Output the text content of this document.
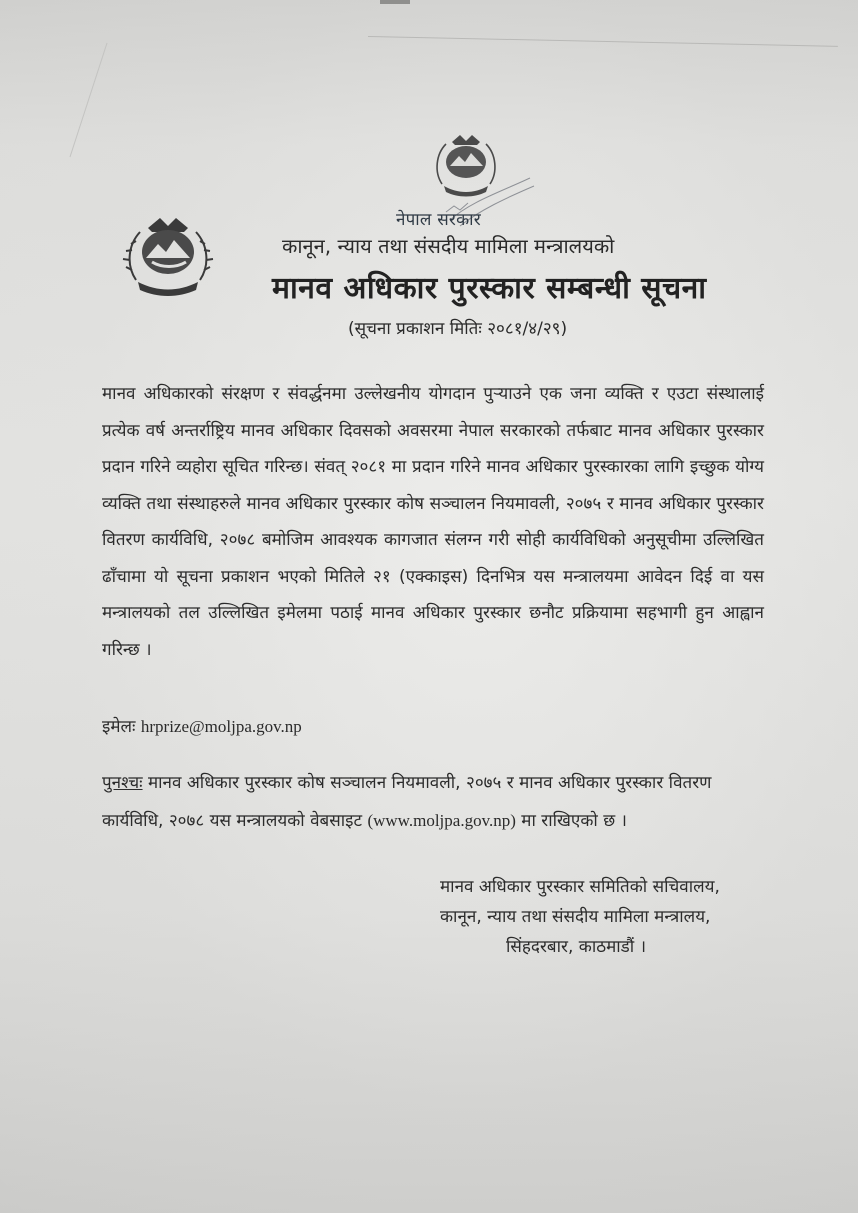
नेपाल सरकार
कानून, न्याय तथा संसदीय मामिला मन्त्रालयको
मानव अधिकार पुरस्कार सम्बन्धी सूचना
(सूचना प्रकाशन मितिः २०८१/४/२९)
मानव अधिकारको संरक्षण र संवर्द्धनमा उल्लेखनीय योगदान पुऱ्याउने एक जना व्यक्ति र एउटा संस्थालाई प्रत्येक वर्ष अन्तर्राष्ट्रिय मानव अधिकार दिवसको अवसरमा नेपाल सरकारको तर्फबाट मानव अधिकार पुरस्कार प्रदान गरिने व्यहोरा सूचित गरिन्छ। संवत् २०८१ मा प्रदान गरिने मानव अधिकार पुरस्कारका लागि इच्छुक योग्य व्यक्ति तथा संस्थाहरुले मानव अधिकार पुरस्कार कोष सञ्चालन नियमावली, २०७५ र मानव अधिकार पुरस्कार वितरण कार्यविधि, २०७८ बमोजिम आवश्यक कागजात संलग्न गरी सोही कार्यविधिको अनुसूचीमा उल्लिखित ढाँचामा यो सूचना प्रकाशन भएको मितिले २१ (एक्काइस) दिनभित्र यस मन्त्रालयमा आवेदन दिई वा यस मन्त्रालयको तल उल्लिखित इमेलमा पठाई मानव अधिकार पुरस्कार छनौट प्रक्रियामा सहभागी हुन आह्वान गरिन्छ ।
इमेलः hrprize@moljpa.gov.np
पुनश्चः मानव अधिकार पुरस्कार कोष सञ्चालन नियमावली, २०७५ र मानव अधिकार पुरस्कार वितरण कार्यविधि, २०७८ यस मन्त्रालयको वेबसाइट (www.moljpa.gov.np) मा राखिएको छ ।
मानव अधिकार पुरस्कार समितिको सचिवालय,
कानून, न्याय तथा संसदीय मामिला मन्त्रालय,
सिंहदरबार, काठमाडौं ।
